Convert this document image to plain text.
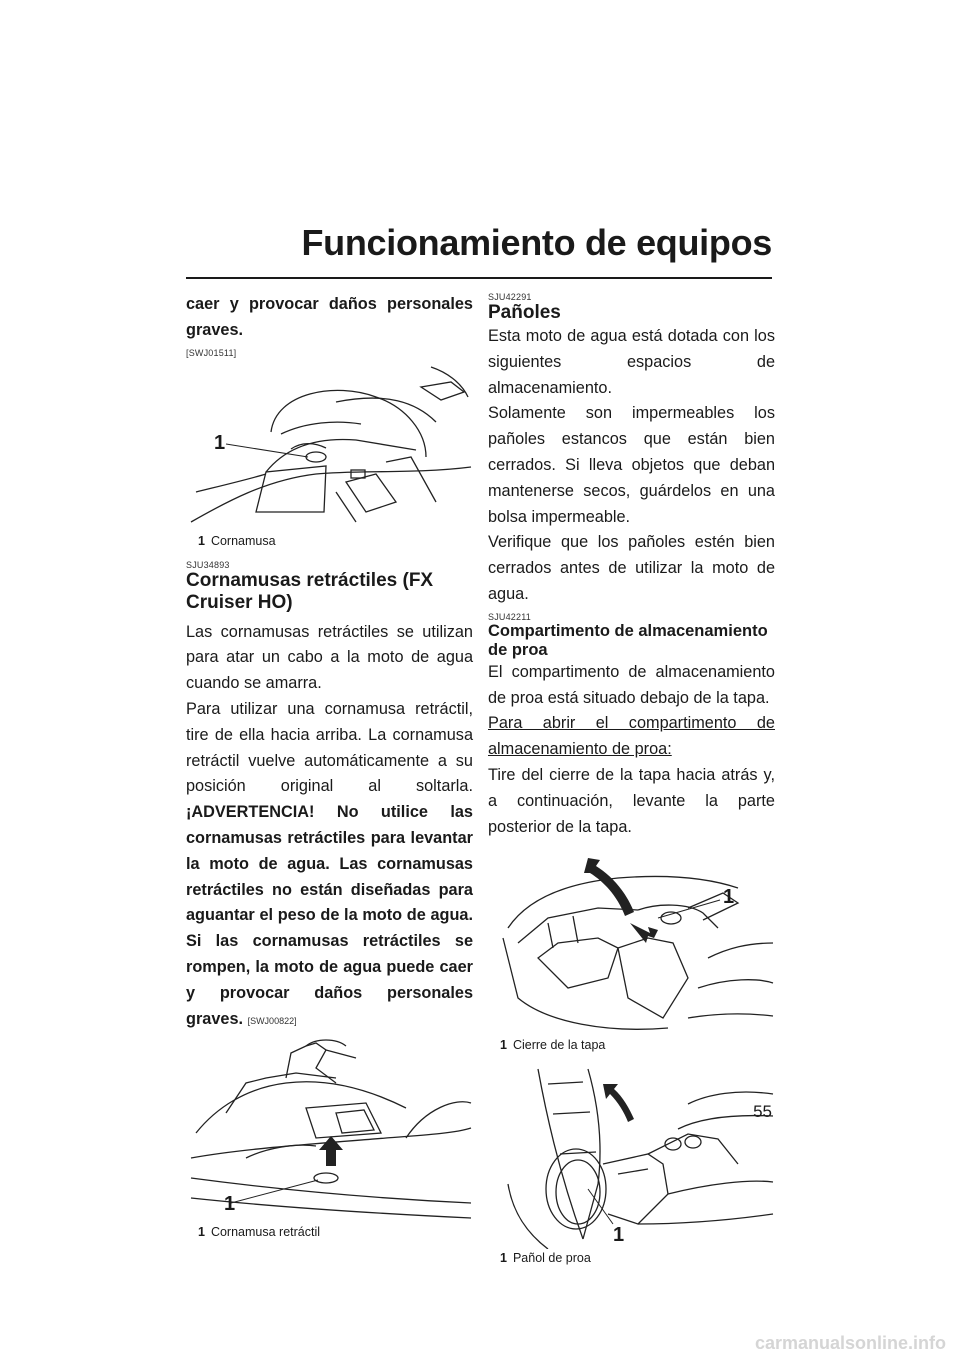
Funcionamiento de equipos

caer y provocar daños personales graves.

[SWJ01511]
1
1 Cornamusa
SJU34893
Cornamusas retráctiles (FX Cruiser HO)

Las cornamusas retráctiles se utilizan para atar un cabo a la moto de agua cuando se amarra.

Para utilizar una cornamusa retráctil, tire de ella hacia arriba. La cornamusa retráctil vuelve automáticamente a su posición original al soltarla. ¡ADVERTENCIA! No utilice las cornamusas retráctiles para levantar la moto de agua. Las cornamusas retráctiles no están diseñadas para aguantar el peso de la moto de agua. Si las cornamusas retráctiles se rompen, la moto de agua puede caer y provocar daños personales graves. [SWJ00822]

1
1 Cornamusa retráctil
SJU42291
Pañoles

Esta moto de agua está dotada con los siguientes espacios de almacenamiento.

Solamente son impermeables los pañoles estancos que están bien cerrados. Si lleva objetos que deban mantenerse secos, guárdelos en una bolsa impermeable.

Verifique que los pañoles estén bien cerrados antes de utilizar la moto de agua.

SJU42211
Compartimento de almacenamiento de proa

El compartimento de almacenamiento de proa está situado debajo de la tapa.

Para abrir el compartimento de almacenamiento de proa:

Tire del cierre de la tapa hacia atrás y, a continuación, levante la parte posterior de la tapa.

1
1 Cierre de la tapa
1
1 Pañol de proa
55
carmanualsonline.info
